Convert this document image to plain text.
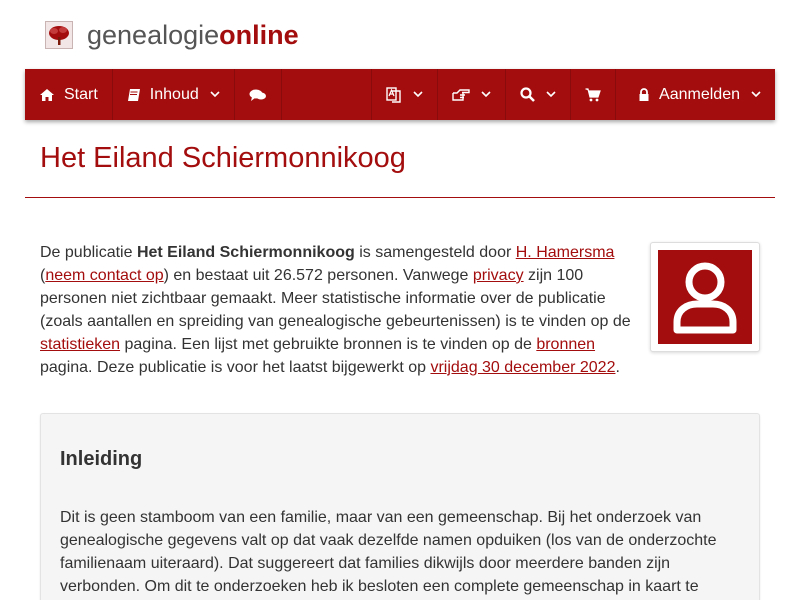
genealogieonline
Start	Inhoud	Aanmelden
Het Eiland Schiermonnikoog
De publicatie Het Eiland Schiermonnikoog is samengesteld door H. Hamersma
(neem contact op) en bestaat uit 26.572 personen. Vanwege privacy zijn 100 personen niet zichtbaar gemaakt. Meer statistische informatie over de publicatie (zoals aantallen en spreiding van genealogische gebeurtenissen) is te vinden op de statistieken pagina. Een lijst met gebruikte bronnen is te vinden op de bronnen pagina. Deze publicatie is voor het laatst bijgewerkt op vrijdag 30 december 2022.
Inleiding

Dit is geen stamboom van een familie, maar van een gemeenschap. Bij het onderzoek van genealogische gegevens valt op dat vaak dezelfde namen opduiken (los van de onderzochte familienaam uiteraard). Dat suggereert dat families dikwijls door meerdere banden zijn verbonden. Om dit te onderzoeken heb ik besloten een complete gemeenschap in kaart te
